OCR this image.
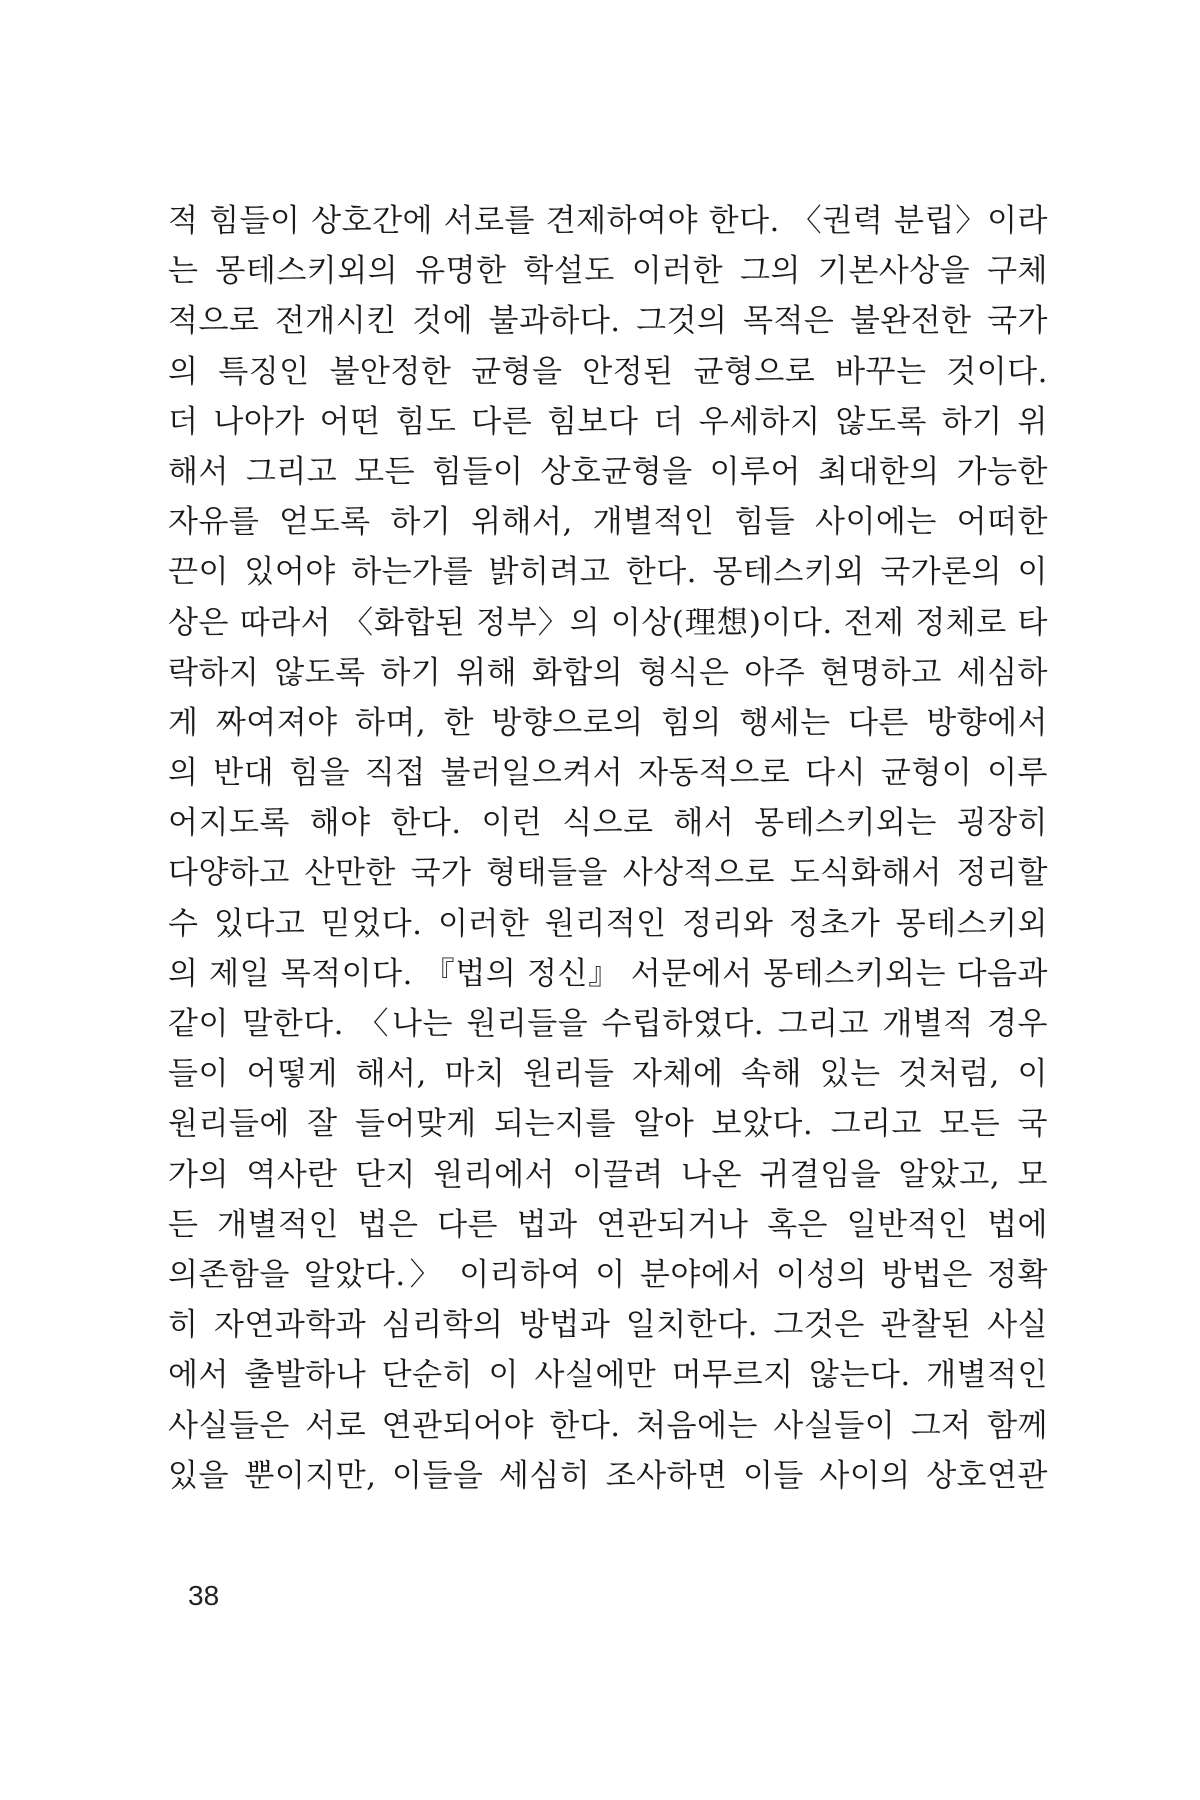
적 힘들이 상호간에 서로를 견제하여야 한다. 〈권력 분립〉이라
는 몽테스키외의 유명한 학설도 이러한 그의 기본사상을 구체
적으로 전개시킨 것에 불과하다. 그것의 목적은 불완전한 국가
의 특징인 불안정한 균형을 안정된 균형으로 바꾸는 것이다.
더 나아가 어떤 힘도 다른 힘보다 더 우세하지 않도록 하기 위
해서 그리고 모든 힘들이 상호균형을 이루어 최대한의 가능한
자유를 얻도록 하기 위해서, 개별적인 힘들 사이에는 어떠한
끈이 있어야 하는가를 밝히려고 한다. 몽테스키외 국가론의 이
상은 따라서 〈화합된 정부〉의 이상(理想)이다. 전제 정체로 타
락하지 않도록 하기 위해 화합의 형식은 아주 현명하고 세심하
게 짜여져야 하며, 한 방향으로의 힘의 행세는 다른 방향에서
의 반대 힘을 직접 불러일으켜서 자동적으로 다시 균형이 이루
어지도록 해야 한다. 이런 식으로 해서 몽테스키외는 굉장히
다양하고 산만한 국가 형태들을 사상적으로 도식화해서 정리할
수 있다고 믿었다. 이러한 원리적인 정리와 정초가 몽테스키외
의 제일 목적이다. 『법의 정신』 서문에서 몽테스키외는 다음과
같이 말한다. 〈나는 원리들을 수립하였다. 그리고 개별적 경우
들이 어떻게 해서, 마치 원리들 자체에 속해 있는 것처럼, 이
원리들에 잘 들어맞게 되는지를 알아 보았다. 그리고 모든 국
가의 역사란 단지 원리에서 이끌려 나온 귀결임을 알았고, 모
든 개별적인 법은 다른 법과 연관되거나 혹은 일반적인 법에
의존함을 알았다.〉 이리하여 이 분야에서 이성의 방법은 정확
히 자연과학과 심리학의 방법과 일치한다. 그것은 관찰된 사실
에서 출발하나 단순히 이 사실에만 머무르지 않는다. 개별적인
사실들은 서로 연관되어야 한다. 처음에는 사실들이 그저 함께
있을 뿐이지만, 이들을 세심히 조사하면 이들 사이의 상호연관
38
